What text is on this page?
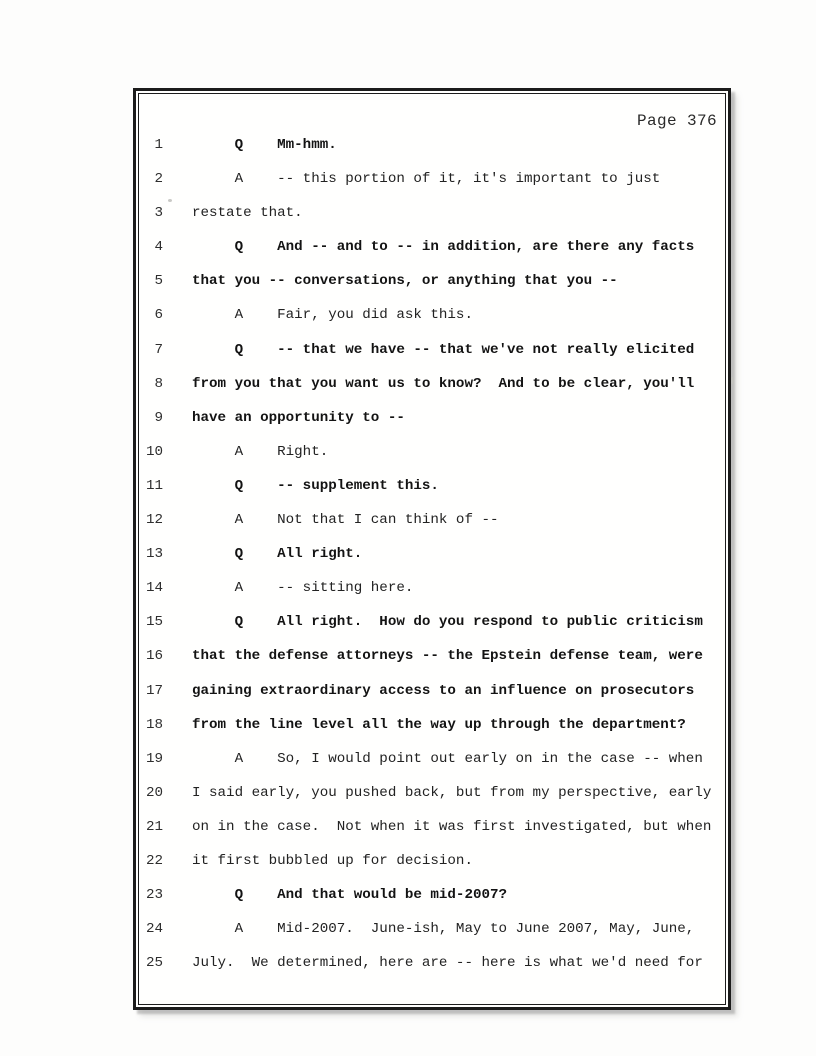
Page 376
1 Q    Mm-hmm.
2 A    -- this portion of it, it's important to just
3 restate that.
4 Q    And -- and to -- in addition, are there any facts
5 that you -- conversations, or anything that you --
6 A    Fair, you did ask this.
7 Q    -- that we have -- that we've not really elicited
8 from you that you want us to know?  And to be clear, you'll
9 have an opportunity to --
10 A    Right.
11 Q    -- supplement this.
12 A    Not that I can think of --
13 Q    All right.
14 A    -- sitting here.
15 Q    All right.  How do you respond to public criticism
16 that the defense attorneys -- the Epstein defense team, were
17 gaining extraordinary access to an influence on prosecutors
18 from the line level all the way up through the department?
19 A    So, I would point out early on in the case -- when
20 I said early, you pushed back, but from my perspective, early
21 on in the case.  Not when it was first investigated, but when
22 it first bubbled up for decision.
23 Q    And that would be mid-2007?
24 A    Mid-2007.  June-ish, May to June 2007, May, June,
25 July.  We determined, here are -- here is what we'd need for
